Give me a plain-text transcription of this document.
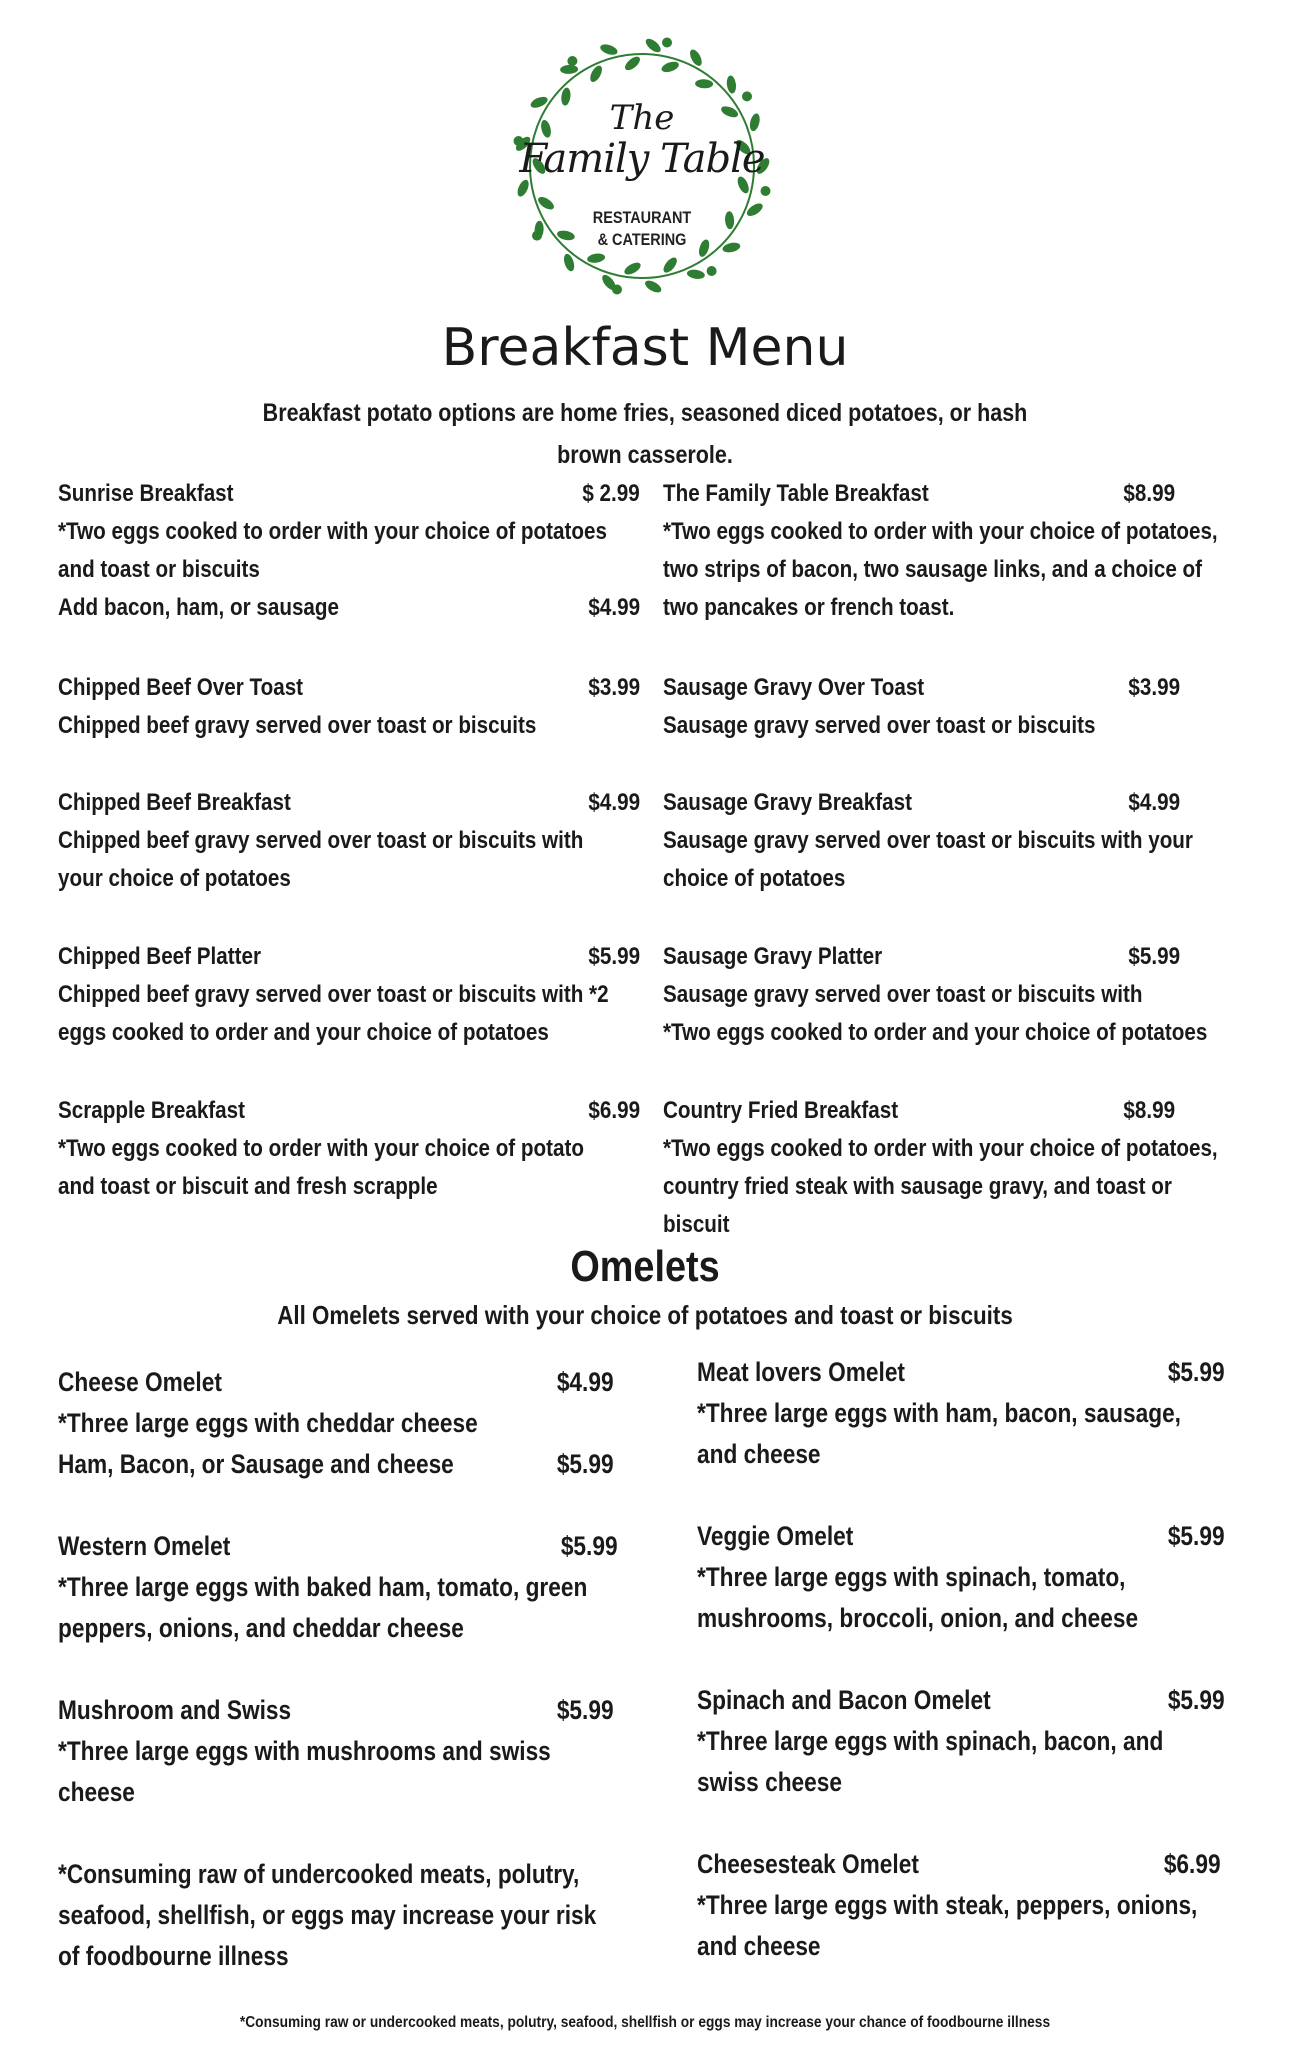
The
Family Table
RESTAURANT
& CATERING
Breakfast Menu
Breakfast potato options are home fries, seasoned diced potatoes, or hash brown casserole.
Sunrise Breakfast	$ 2.99
*Two eggs cooked to order with your choice of potatoes
and toast or biscuits
Add bacon, ham, or sausage	$4.99
Chipped Beef Over Toast	$3.99
Chipped beef gravy served over toast or biscuits
Chipped Beef Breakfast	$4.99
Chipped beef gravy served over toast or biscuits with
your choice of potatoes
Chipped Beef Platter	$5.99
Chipped beef gravy served over toast or biscuits with *2
eggs cooked to order and your choice of potatoes
Scrapple Breakfast	$6.99
*Two eggs cooked to order with your choice of potato
and toast or biscuit and fresh scrapple
The Family Table Breakfast	$8.99
*Two eggs cooked to order with your choice of potatoes,
two strips of bacon, two sausage links, and a choice of
two pancakes or french toast.
Sausage Gravy Over Toast	$3.99
Sausage gravy served over toast or biscuits
Sausage Gravy Breakfast	$4.99
Sausage gravy served over toast or biscuits with your
choice of potatoes
Sausage Gravy Platter	$5.99
Sausage gravy served over toast or biscuits with
*Two eggs cooked to order and your choice of potatoes
Country Fried Breakfast	$8.99
*Two eggs cooked to order with your choice of potatoes,
country fried steak with sausage gravy, and toast or
biscuit
Omelets
All Omelets served with your choice of potatoes and toast or biscuits
Cheese Omelet	$4.99
*Three large eggs with cheddar cheese
Ham, Bacon, or Sausage and cheese	$5.99
Western Omelet	$5.99
*Three large eggs with baked ham, tomato, green
peppers, onions, and cheddar cheese
Mushroom and Swiss	$5.99
*Three large eggs with mushrooms and swiss
cheese
*Consuming raw of undercooked meats, polutry,
seafood, shellfish, or eggs may increase your risk
of foodbourne illness
Meat lovers Omelet	$5.99
*Three large eggs with ham, bacon, sausage,
and cheese
Veggie Omelet	$5.99
*Three large eggs with spinach, tomato,
mushrooms, broccoli, onion, and cheese
Spinach and Bacon Omelet	$5.99
*Three large eggs with spinach, bacon, and
swiss cheese
Cheesesteak Omelet	$6.99
*Three large eggs with steak, peppers, onions,
and cheese
*Consuming raw or undercooked meats, polutry, seafood, shellfish or eggs may increase your chance of foodbourne illness
